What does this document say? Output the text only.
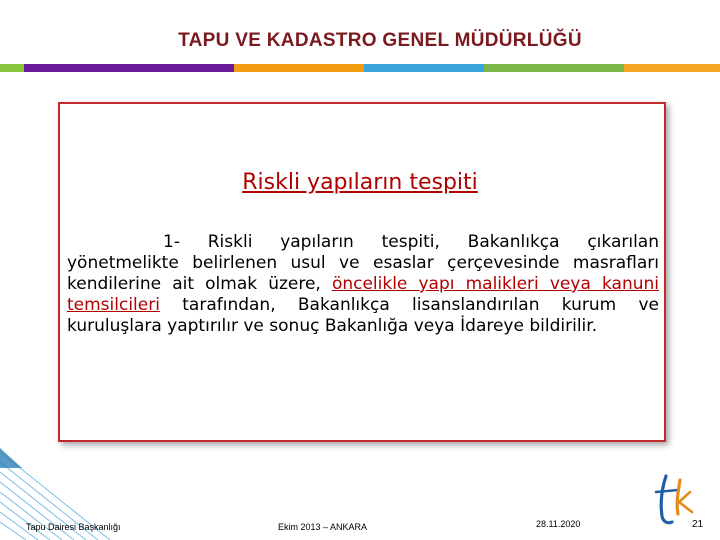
TAPU VE KADASTRO GENEL MÜDÜRLÜĞÜ
Riskli yapıların tespiti
1- Riskli yapıların tespiti, Bakanlıkça çıkarılan yönetmelikte belirlenen usul ve esaslar çerçevesinde masrafları kendilerine ait olmak üzere, öncelikle yapı malikleri veya kanuni temsilcileri tarafından, Bakanlıkça lisanslandırılan kurum ve kuruluşlara yaptırılır ve sonuç Bakanlığa veya İdareye bildirilir.
Tapu Dairesi Başkanlığı	Ekim 2013 – ANKARA	28.11.2020	21
